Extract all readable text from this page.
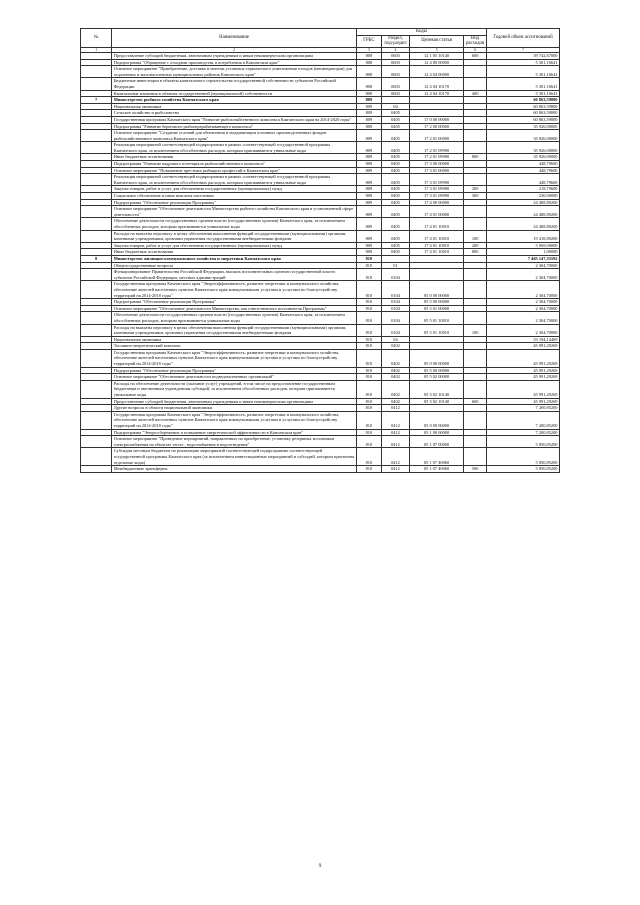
№	Наименование	Коды				Годовой объем ассигнований
		ГРБС	Раздел, под-раздел	Целевая статья	Вид расходов	
1	2	3	4	5	6	7
	Предоставление субсидий бюджетным, автономным учреждениям и иным некоммерческим организациям	808	0603	12 1 05 10140	600	39 742,67000
	Подпрограмма "Обращение с отходами производства и потребления в Камчатском крае"	808	0603	12 4 00 00000		5 301,16641
	Основное мероприятие "Приобретение, доставка и монтаж установок термического уничтожения отходов (инсинераторов) для отдаленных и малонаселенных муниципальных районов Камчатского края"	808	0603	12 4 04 00000		5 301,16641
	Бюджетные инвестиции в объекты капитального строительства государственной собственности субъектов Российской Федерации	808	0603	12 4 04 10170		5 301,16641
	Капитальные вложения в объекты государственной (муниципальной) собственности	808	0603	12 4 04 10170	400	5 301,16641
7	Министерство рыбного хозяйства Камчатского края	809				60 863,59800
	Национальная экономика	809	04			60 863,59800
	Сельское хозяйство и рыболовство	809	0405			60 863,59800
	Государственная программа Камчатского края "Развитие рыбохозяйственного комплекса Камчатского края на 2014-2020 годы"	809	0405	17 0 00 00000		60 863,59800
	Подпрограмма "Развитие берегового рыбоперерабатывающего комплекса"	809	0405	17 2 00 00000		35 926,00000
	Основное мероприятие "Создание условий для обновления и модернизации основных производственных фондов рыбохозяйственного комплекса Камчатского края"	809	0405	17 2 01 00000		35 926,00000
	Реализация мероприятий соответствующей подпрограммы в рамках соответствующей государственной программы Камчатского края, за исключением обособленных расходов, которым присваиваются уникальные коды	809	0405	17 2 01 09990		35 926,00000
	Иные бюджетные ассигнования	809	0405	17 2 01 09990	800	35 926,00000
	Подпрограмма "Развитие кадрового потенциала рыбохозяйственного комплекса"	809	0405	17 3 00 00000		448,79600
	Основное мероприятие "Повышение престижа рыбацких профессий в Камчатском крае"	809	0405	17 3 01 00000		448,79600
	Реализация мероприятий соответствующей подпрограммы в рамках соответствующей государственной программы Камчатского края, за исключением обособленных расходов, которым присваиваются уникальные коды	809	0405	17 3 01 09990		448,79600
	Закупка товаров, работ и услуг для обеспечения государственных (муниципальных) нужд	809	0405	17 3 01 09990	200	218,79600
	Социальное обеспечение и иные выплаты населению	809	0405	17 3 01 09990	300	230,00000
	Подпрограмма "Обеспечение реализации Программы"	809	0405	17 4 00 00000		24 488,80200
	Основное мероприятие "Обеспечение деятельности Министерства рыбного хозяйства Камчатского края в установленной сфере деятельности"	809	0405	17 4 01 00000		24 488,80200
	Обеспечение деятельности государственных органов власти (государственных органов) Камчатского края, за исключением обособленных расходов, которым присваиваются уникальные коды	809	0405	17 4 01 10010		24 488,80200
	Расходы на выплаты персоналу в целях обеспечения выполнения функций государственными (муниципальными) органами, казенными учреждениями, органами управления государственными внебюджетными фондами	809	0405	17 4 01 10010	100	19 418,80200
	Закупка товаров, работ и услуг для обеспечения государственных (муниципальных) нужд	809	0405	17 4 01 10010	200	5 069,00000
	Иные бюджетные ассигнования	809	0405	17 4 01 10010	800	1,00000
8	Министерство жилищно-коммунального хозяйства и энергетики Камчатского края	810				7 465 147,35592
	Общегосударственные вопросы	810	01			2 304,70000
	Функционирование Правительства Российской Федерации, высших исполнительных органов государственной власти субъектов Российской Федерации, местных администраций	810	0104			2 304,70000
	Государственная программа Камчатского края "Энергоэффективность, развитие энергетики и коммунального хозяйства, обеспечение жителей населенных пунктов Камчатского края коммунальными услугами и услугами по благоустройству территорий на 2014-2018 годы"	810	0104	05 0 00 00000		2 304,70000
	Подпрограмма "Обеспечение реализации Программы"	810	0104	05 5 00 00000		2 304,70000
	Основное мероприятие "Обеспечение деятельности Министерства, как ответственного исполнителя Программы"	810	0104	05 5 01 00000		2 304,70000
	Обеспечение деятельности государственных органов власти (государственных органов) Камчатского края, за исключением обособленных расходов, которым присваиваются уникальные коды	810	0104	05 5 01 10010		2 304,70000
	Расходы на выплаты персоналу в целях обеспечения выполнения функций государственными (муниципальными) органами, казенными учреждениями, органами управления государственными внебюджетными фондами	810	0104	05 5 01 10010	100	2 304,70000
	Национальная экономика	810	04			53 194,14469
	Топливно-энергетический комплекс	810	0402			45 991,29269
	Государственная программа Камчатского края "Энергоэффективность, развитие энергетики и коммунального хозяйства, обеспечение жителей населенных пунктов Камчатского края коммунальными услугами и услугами по благоустройству территорий на 2014-2018 годы"	810	0402	05 0 00 00000		45 991,29269
	Подпрограмма "Обеспечение реализации Программы"	810	0402	05 5 00 00000		45 991,29269
	Основное мероприятие "Обеспечение деятельности подведомственных организаций"	810	0402	05 5 02 00000		45 991,29269
	Расходы на обеспечение деятельности (оказание услуг) учреждений, в том числе на предоставление государственным бюджетным и автономным учреждениям субсидий, за исключением обособленных расходов, которым присваиваются уникальные коды	810	0402	05 5 02 10140		45 991,29269
	Предоставление субсидий бюджетным, автономным учреждениям и иным некоммерческим организациям	810	0402	05 5 02 10140	600	45 991,29269
	Другие вопросы в области национальной экономики	810	0412			7 200,85200
	Государственная программа Камчатского края "Энергоэффективность, развитие энергетики и коммунального хозяйства, обеспечение жителей населенных пунктов Камчатского края коммунальными услугами и услугами по благоустройству территорий на 2014-2018 годы"	810	0412	05 0 00 00000		7 200,85200
	Подпрограмма "Энергосбережение и повышение энергетической эффективности в Камчатском крае"	810	0412	05 1 00 00000		7 200,85200
	Основное мероприятие "Проведение мероприятий, направленных на приобретение, установку резервных источников электроснабжения на объектах тепло-, водоснабжения и водоотведения"	810	0412	05 1 07 00000		5 850,85200
	Субсидии местным бюджетам на реализацию мероприятий соответствующей подпрограммы соответствующей государственной программы Камчатского края (за исключением инвестиционных мероприятий и субсидий, которым присвоены отдельные коды)	810	0412	05 1 07 40060		5 850,85200
	Межбюджетные трансферты	810	0412	05 1 07 40060	500	5 850,85200
9
